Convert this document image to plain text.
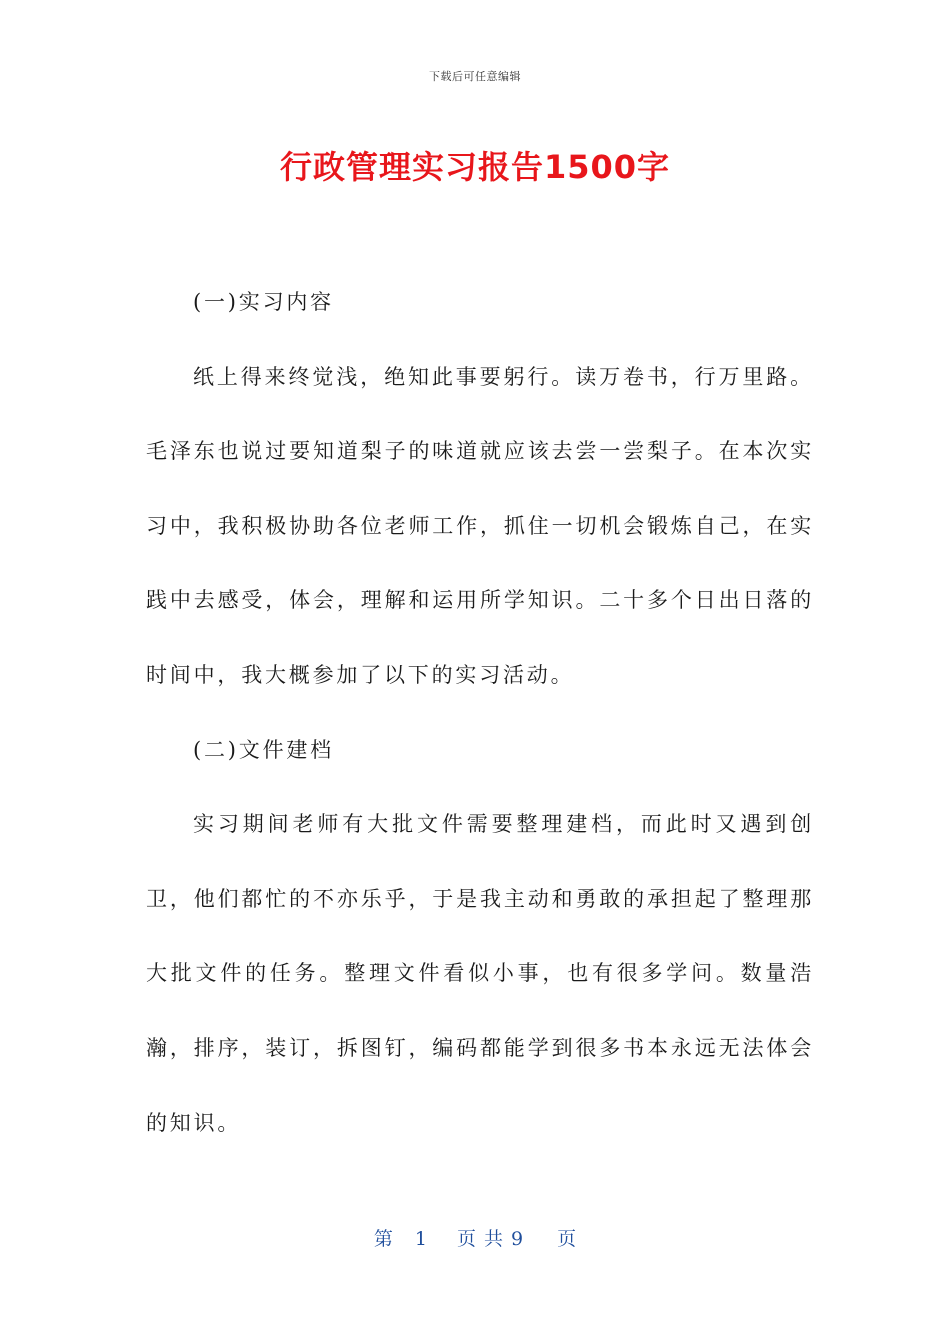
下载后可任意编辑
行政管理实习报告1500字

(一)实习内容

纸上得来终觉浅，绝知此事要躬行。读万卷书，行万里路。毛泽东也说过要知道梨子的味道就应该去尝一尝梨子。在本次实习中，我积极协助各位老师工作，抓住一切机会锻炼自己，在实践中去感受，体会，理解和运用所学知识。二十多个日出日落的时间中，我大概参加了以下的实习活动。

(二)文件建档

实习期间老师有大批文件需要整理建档，而此时又遇到创卫，他们都忙的不亦乐乎，于是我主动和勇敢的承担起了整理那大批文件的任务。整理文件看似小事，也有很多学问。数量浩瀚，排序，装订，拆图钉，编码都能学到很多书本永远无法体会的知识。

第 1 页 共 9 页
